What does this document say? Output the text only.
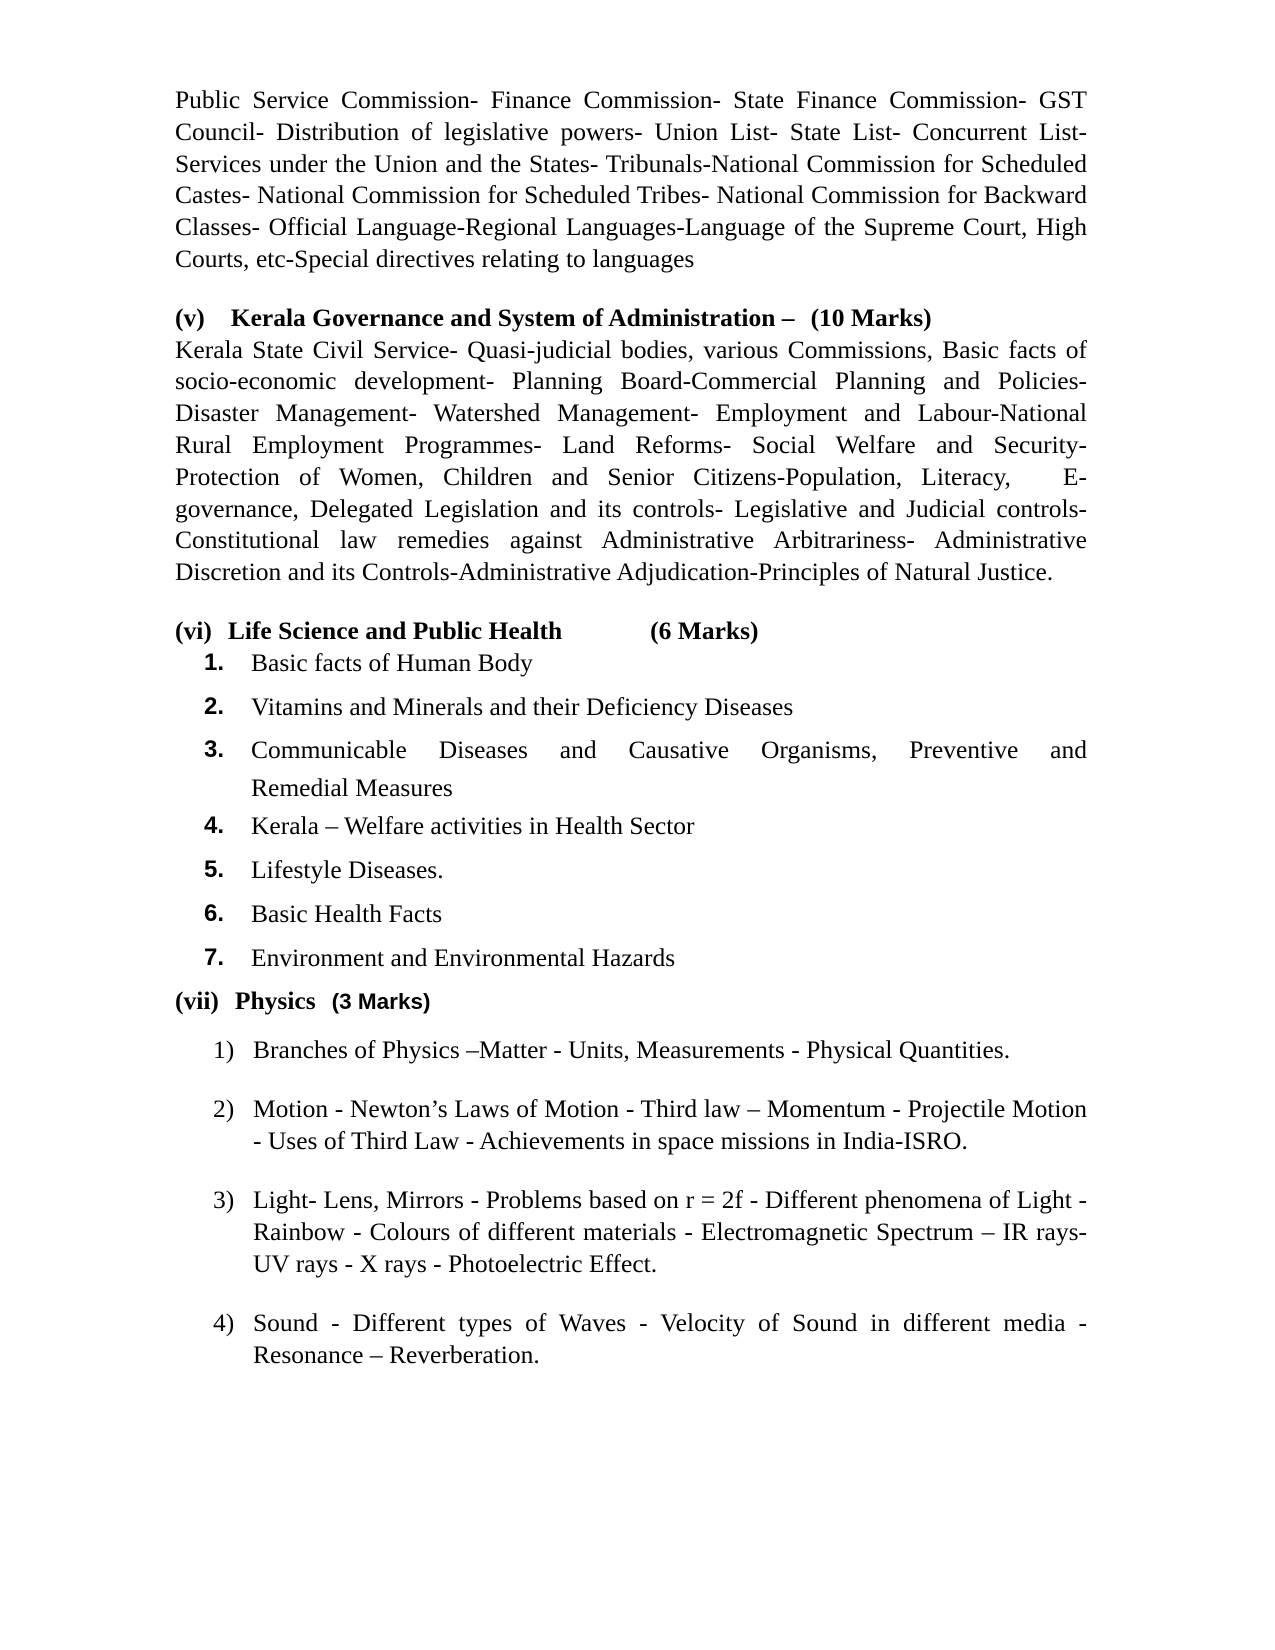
Public Service Commission- Finance Commission- State Finance Commission- GST Council- Distribution of legislative powers- Union List- State List- Concurrent List- Services under the Union and the States- Tribunals-National Commission for Scheduled Castes- National Commission for Scheduled Tribes- National Commission for Backward Classes- Official Language-Regional Languages-Language of the Supreme Court, High Courts, etc-Special directives relating to languages

(v) Kerala Governance and System of Administration – (10 Marks)

Kerala State Civil Service- Quasi-judicial bodies, various Commissions, Basic facts of socio-economic development- Planning Board-Commercial Planning and Policies- Disaster Management- Watershed Management- Employment and Labour-National Rural Employment Programmes- Land Reforms- Social Welfare and Security- Protection of Women, Children and Senior Citizens-Population, Literacy, E-governance, Delegated Legislation and its controls- Legislative and Judicial controls- Constitutional law remedies against Administrative Arbitrariness- Administrative Discretion and its Controls-Administrative Adjudication-Principles of Natural Justice.

(vi) Life Science and Public Health	(6 Marks)
1.	Basic facts of Human Body
2.	Vitamins and Minerals and their Deficiency Diseases
3.	Communicable Diseases and Causative Organisms, Preventive and
Remedial Measures
4.	Kerala – Welfare activities in Health Sector
5.	Lifestyle Diseases.
6.	Basic Health Facts
7.	Environment and Environmental Hazards
(vii) Physics (3 Marks)
1) Branches of Physics –Matter - Units, Measurements - Physical Quantities.
2) Motion - Newton’s Laws of Motion - Third law – Momentum - Projectile Motion - Uses of Third Law - Achievements in space missions in India-ISRO.
3) Light- Lens, Mirrors - Problems based on r = 2f - Different phenomena of Light - Rainbow - Colours of different materials - Electromagnetic Spectrum – IR rays- UV rays - X rays - Photoelectric Effect.
4) Sound - Different types of Waves - Velocity of Sound in different media - Resonance – Reverberation.
